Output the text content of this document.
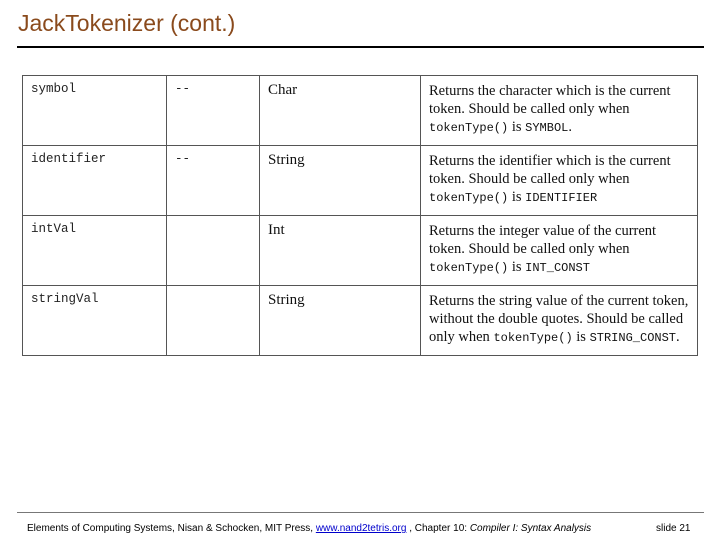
JackTokenizer (cont.)
symbol	--	Char	Returns the character which is the current token. Should be called only when tokenType() is SYMBOL.
identifier	--	String	Returns the identifier which is the current token. Should be called only when tokenType() is IDENTIFIER
intVal		Int	Returns the integer value of the current token. Should be called only when tokenType() is INT_CONST
stringVal		String	Returns the string value of the current token, without the double quotes. Should be called only when tokenType() is STRING_CONST.
Elements of Computing Systems, Nisan & Schocken, MIT Press, www.nand2tetris.org , Chapter 10: Compiler I: Syntax Analysis	slide 21
